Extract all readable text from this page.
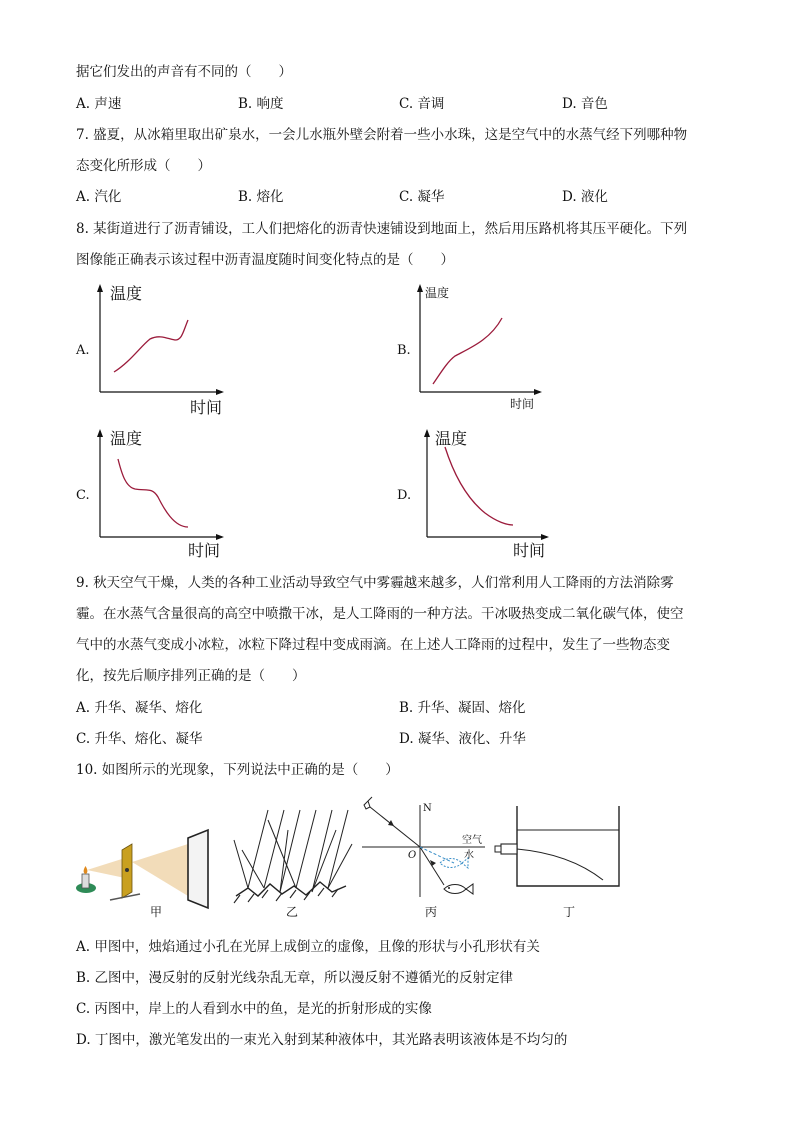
据它们发出的声音有不同的（　　）
A. 声速	B. 响度	C. 音调	D. 音色
7. 盛夏，从冰箱里取出矿泉水，一会儿水瓶外壁会附着一些小水珠，这是空气中的水蒸气经下列哪种物
态变化所形成（　　）
A. 汽化	B. 熔化	C. 凝华	D. 液化
8. 某街道进行了沥青铺设，工人们把熔化的沥青快速铺设到地面上，然后用压路机将其压平硬化。下列
图像能正确表示该过程中沥青温度随时间变化特点的是（　　）
A.
温度
时间
B.
温度
时间
C.
温度
时间
D.
温度
时间
9. 秋天空气干燥，人类的各种工业活动导致空气中雾霾越来越多，人们常利用人工降雨的方法消除雾
霾。在水蒸气含量很高的高空中喷撒干冰，是人工降雨的一种方法。干冰吸热变成二氧化碳气体，使空
气中的水蒸气变成小冰粒，冰粒下降过程中变成雨滴。在上述人工降雨的过程中，发生了一些物态变
化，按先后顺序排列正确的是（　　）
A. 升华、凝华、熔化	B. 升华、凝固、熔化
C. 升华、熔化、凝华	D. 凝华、液化、升华
10. 如图所示的光现象，下列说法中正确的是（　　）
甲	乙
N
空气
水
O
丙	丁
A. 甲图中，烛焰通过小孔在光屏上成倒立的虚像，且像的形状与小孔形状有关
B. 乙图中，漫反射的反射光线杂乱无章，所以漫反射不遵循光的反射定律
C. 丙图中，岸上的人看到水中的鱼，是光的折射形成的实像
D. 丁图中，激光笔发出的一束光入射到某种液体中，其光路表明该液体是不均匀的
